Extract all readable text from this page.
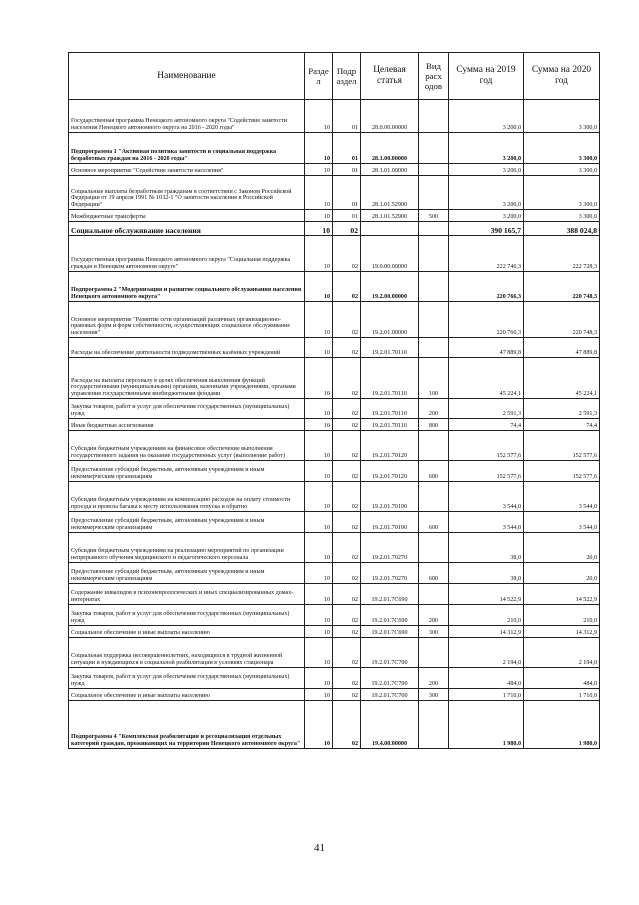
Наименование	Разде л	Подр аздел	Целевая статья	Вид расх одов	Сумма на 2019 год	Сумма на 2020 год
Государственная программа Ненецкого автономного округа "Содействие занятости населения Ненецкого автономного округа на 2016 - 2020 годы"	10	01	28.0.00.00000		3 200,0	3 300,0
Подпрограмма 1 "Активная политика занятости и социальная поддержка безработных граждан на 2016 - 2020 годы"	10	01	28.1.00.00000		3 200,0	3 300,0
Основное мероприятие "Содействие занятости населения"	10	01	28.1.01.00000		3 200,0	3 300,0
Социальные выплаты безработным гражданам в соответствии с Законом Российской Федерации от 19 апреля 1991 № 1032-1 "О занятости населения в Российской Федерации"	10	01	28.1.01.52900		3 200,0	3 300,0
Межбюджетные трансферты	10	01	28.1.01.52900	500	3 200,0	3 300,0
Социальное обслуживание населения	10	02			390 165,7	388 024,8
Государственная программа Ненецкого автономного округа "Социальная поддержка граждан в Ненецком автономном округе"	10	02	19.0.00.00000		222 746,3	222 728,3
Подпрограмма 2 "Модернизация и развитие социального обслуживания населения Ненецкого автономного округа"	10	02	19.2.00.00000		220 766,3	220 748,3
Основное мероприятие "Развитие сети организаций различных организационно-правовых форм и форм собственности, осуществляющих социальное обслуживание населения"	10	02	19.2.01.00000		220 766,3	220 748,3
Расходы на обеспечение деятельности подведомственных казённых учреждений	10	02	19.2.01.70110		47 889,8	47 889,8
Расходы на выплаты персоналу в целях обеспечения выполнения функций государственными (муниципальными) органами, казенными учреждениями, органами управления государственными внебюджетными фондами	10	02	19.2.01.70110	100	45 224,1	45 224,1
Закупка товаров, работ и услуг для обеспечения государственных (муниципальных) нужд	10	02	19.2.01.70110	200	2 591,3	2 591,3
Иные бюджетные ассигнования	10	02	19.2.01.70110	800	74,4	74,4
Субсидии бюджетным учреждениям на финансовое обеспечение выполнения государственного задания на оказание государственных услуг (выполнение работ)	10	02	19.2.01.70120		152 577,6	152 577,6
Предоставление субсидий бюджетным, автономным учреждениям и иным некоммерческим организациям	10	02	19.2.01.70120	600	152 577,6	152 577,6
Субсидии бюджетным учреждениям на компенсацию расходов на оплату стоимости проезда и провоза багажа к месту использования отпуска и обратно	10	02	19.2.01.70190		3 544,0	3 544,0
Предоставление субсидий бюджетным, автономным учреждениям и иным некоммерческим организациям	10	02	19.2.01.70190	600	3 544,0	3 544,0
Субсидии бюджетным учреждениям на реализацию мероприятий по организации непрерывного обучения медицинского и педагогического персонала	10	02	19.2.01.70270		38,0	20,0
Предоставление субсидий бюджетным, автономным учреждениям и иным некоммерческим организациям	10	02	19.2.01.70270	600	38,0	20,0
Содержание инвалидов в психоневрологических и иных специализированных домах-интернатах	10	02	19.2.01.7С690		14 522,9	14 522,9
Закупка товаров, работ и услуг для обеспечения государственных (муниципальных) нужд	10	02	19.2.01.7С690	200	210,0	210,0
Социальное обеспечение и иные выплаты населению	10	02	19.2.01.7С690	300	14 312,9	14 312,9
Социальная поддержка несовершеннолетних, находящихся в трудной жизненной ситуации и нуждающихся в социальной реабилитации в условиях стационара	10	02	19.2.01.7С700		2 194,0	2 194,0
Закупка товаров, работ и услуг для обеспечения государственных (муниципальных) нужд	10	02	19.2.01.7С700	200	484,0	484,0
Социальное обеспечение и иные выплаты населению	10	02	19.2.01.7С700	300	1 710,0	1 710,0
Подпрограмма 4 "Комплексная реабилитация и ресоциализация отдельных категорий граждан, проживающих на территории Ненецкого автономного округа"	10	02	19.4.00.00000		1 980,0	1 980,0
41
